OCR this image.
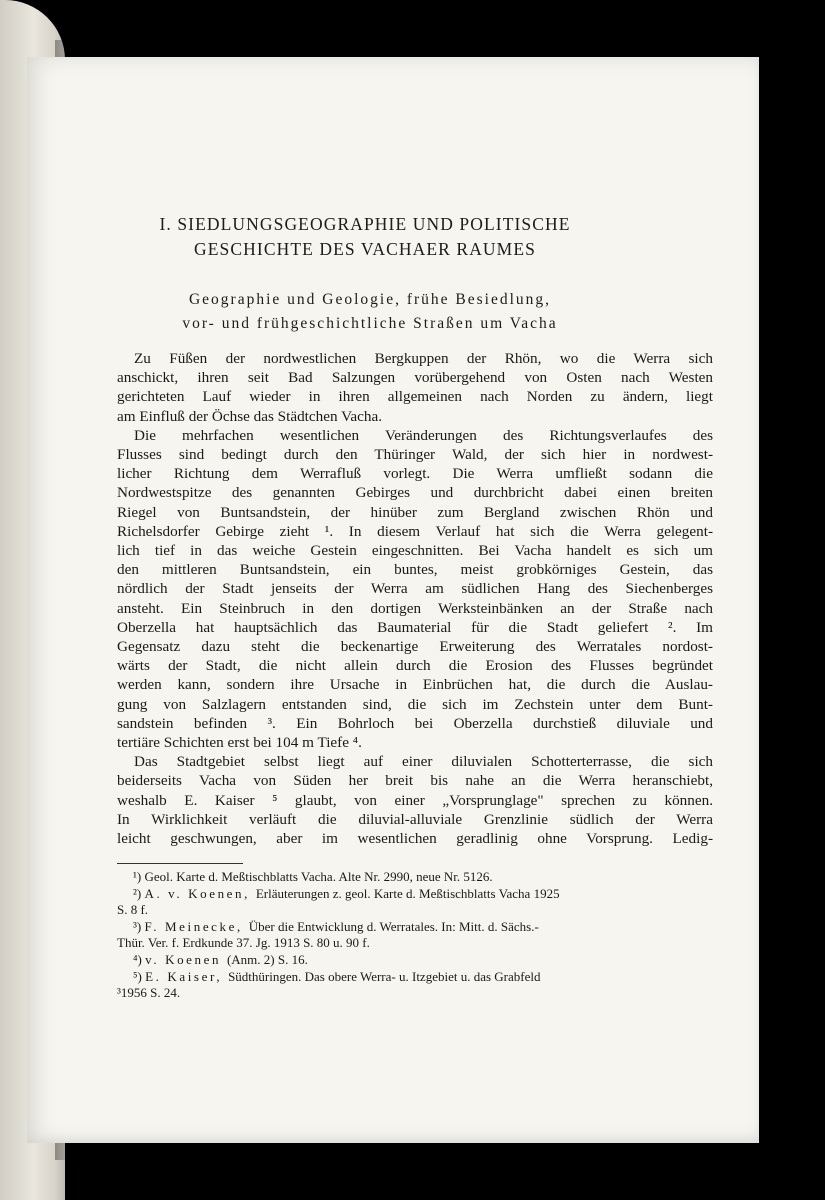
I. SIEDLUNGSGEOGRAPHIE UND POLITISCHE
GESCHICHTE DES VACHAER RAUMES
Geographie und Geologie, frühe Besiedlung,
vor- und frühgeschichtliche Straßen um Vacha
Zu Füßen der nordwestlichen Bergkuppen der Rhön, wo die Werra sich
anschickt, ihren seit Bad Salzungen vorübergehend von Osten nach Westen
gerichteten Lauf wieder in ihren allgemeinen nach Norden zu ändern, liegt
am Einfluß der Öchse das Städtchen Vacha.
Die mehrfachen wesentlichen Veränderungen des Richtungsverlaufes des
Flusses sind bedingt durch den Thüringer Wald, der sich hier in nordwest-
licher Richtung dem Werrafluß vorlegt. Die Werra umfließt sodann die
Nordwestspitze des genannten Gebirges und durchbricht dabei einen breiten
Riegel von Buntsandstein, der hinüber zum Bergland zwischen Rhön und
Richelsdorfer Gebirge zieht ¹. In diesem Verlauf hat sich die Werra gelegent-
lich tief in das weiche Gestein eingeschnitten. Bei Vacha handelt es sich um
den mittleren Buntsandstein, ein buntes, meist grobkörniges Gestein, das
nördlich der Stadt jenseits der Werra am südlichen Hang des Siechenberges
ansteht. Ein Steinbruch in den dortigen Werksteinbänken an der Straße nach
Oberzella hat hauptsächlich das Baumaterial für die Stadt geliefert ². Im
Gegensatz dazu steht die beckenartige Erweiterung des Werratales nordost-
wärts der Stadt, die nicht allein durch die Erosion des Flusses begründet
werden kann, sondern ihre Ursache in Einbrüchen hat, die durch die Auslau-
gung von Salzlagern entstanden sind, die sich im Zechstein unter dem Bunt-
sandstein befinden ³. Ein Bohrloch bei Oberzella durchstieß diluviale und
tertiäre Schichten erst bei 104 m Tiefe ⁴.
Das Stadtgebiet selbst liegt auf einer diluvialen Schotterterrasse, die sich
beiderseits Vacha von Süden her breit bis nahe an die Werra heranschiebt,
weshalb E. Kaiser ⁵ glaubt, von einer „Vorsprunglage" sprechen zu können.
In Wirklichkeit verläuft die diluvial-alluviale Grenzlinie südlich der Werra
leicht geschwungen, aber im wesentlichen geradlinig ohne Vorsprung. Ledig-
¹) Geol. Karte d. Meßtischblatts Vacha. Alte Nr. 2990, neue Nr. 5126.
²) A. v. Koenen, Erläuterungen z. geol. Karte d. Meßtischblatts Vacha 1925
S. 8 f.
³) F. Meinecke, Über die Entwicklung d. Werratales. In: Mitt. d. Sächs.-
Thür. Ver. f. Erdkunde 37. Jg. 1913 S. 80 u. 90 f.
⁴) v. Koenen (Anm. 2) S. 16.
⁵) E. Kaiser, Südthüringen. Das obere Werra- u. Itzgebiet u. das Grabfeld
³1956 S. 24.
